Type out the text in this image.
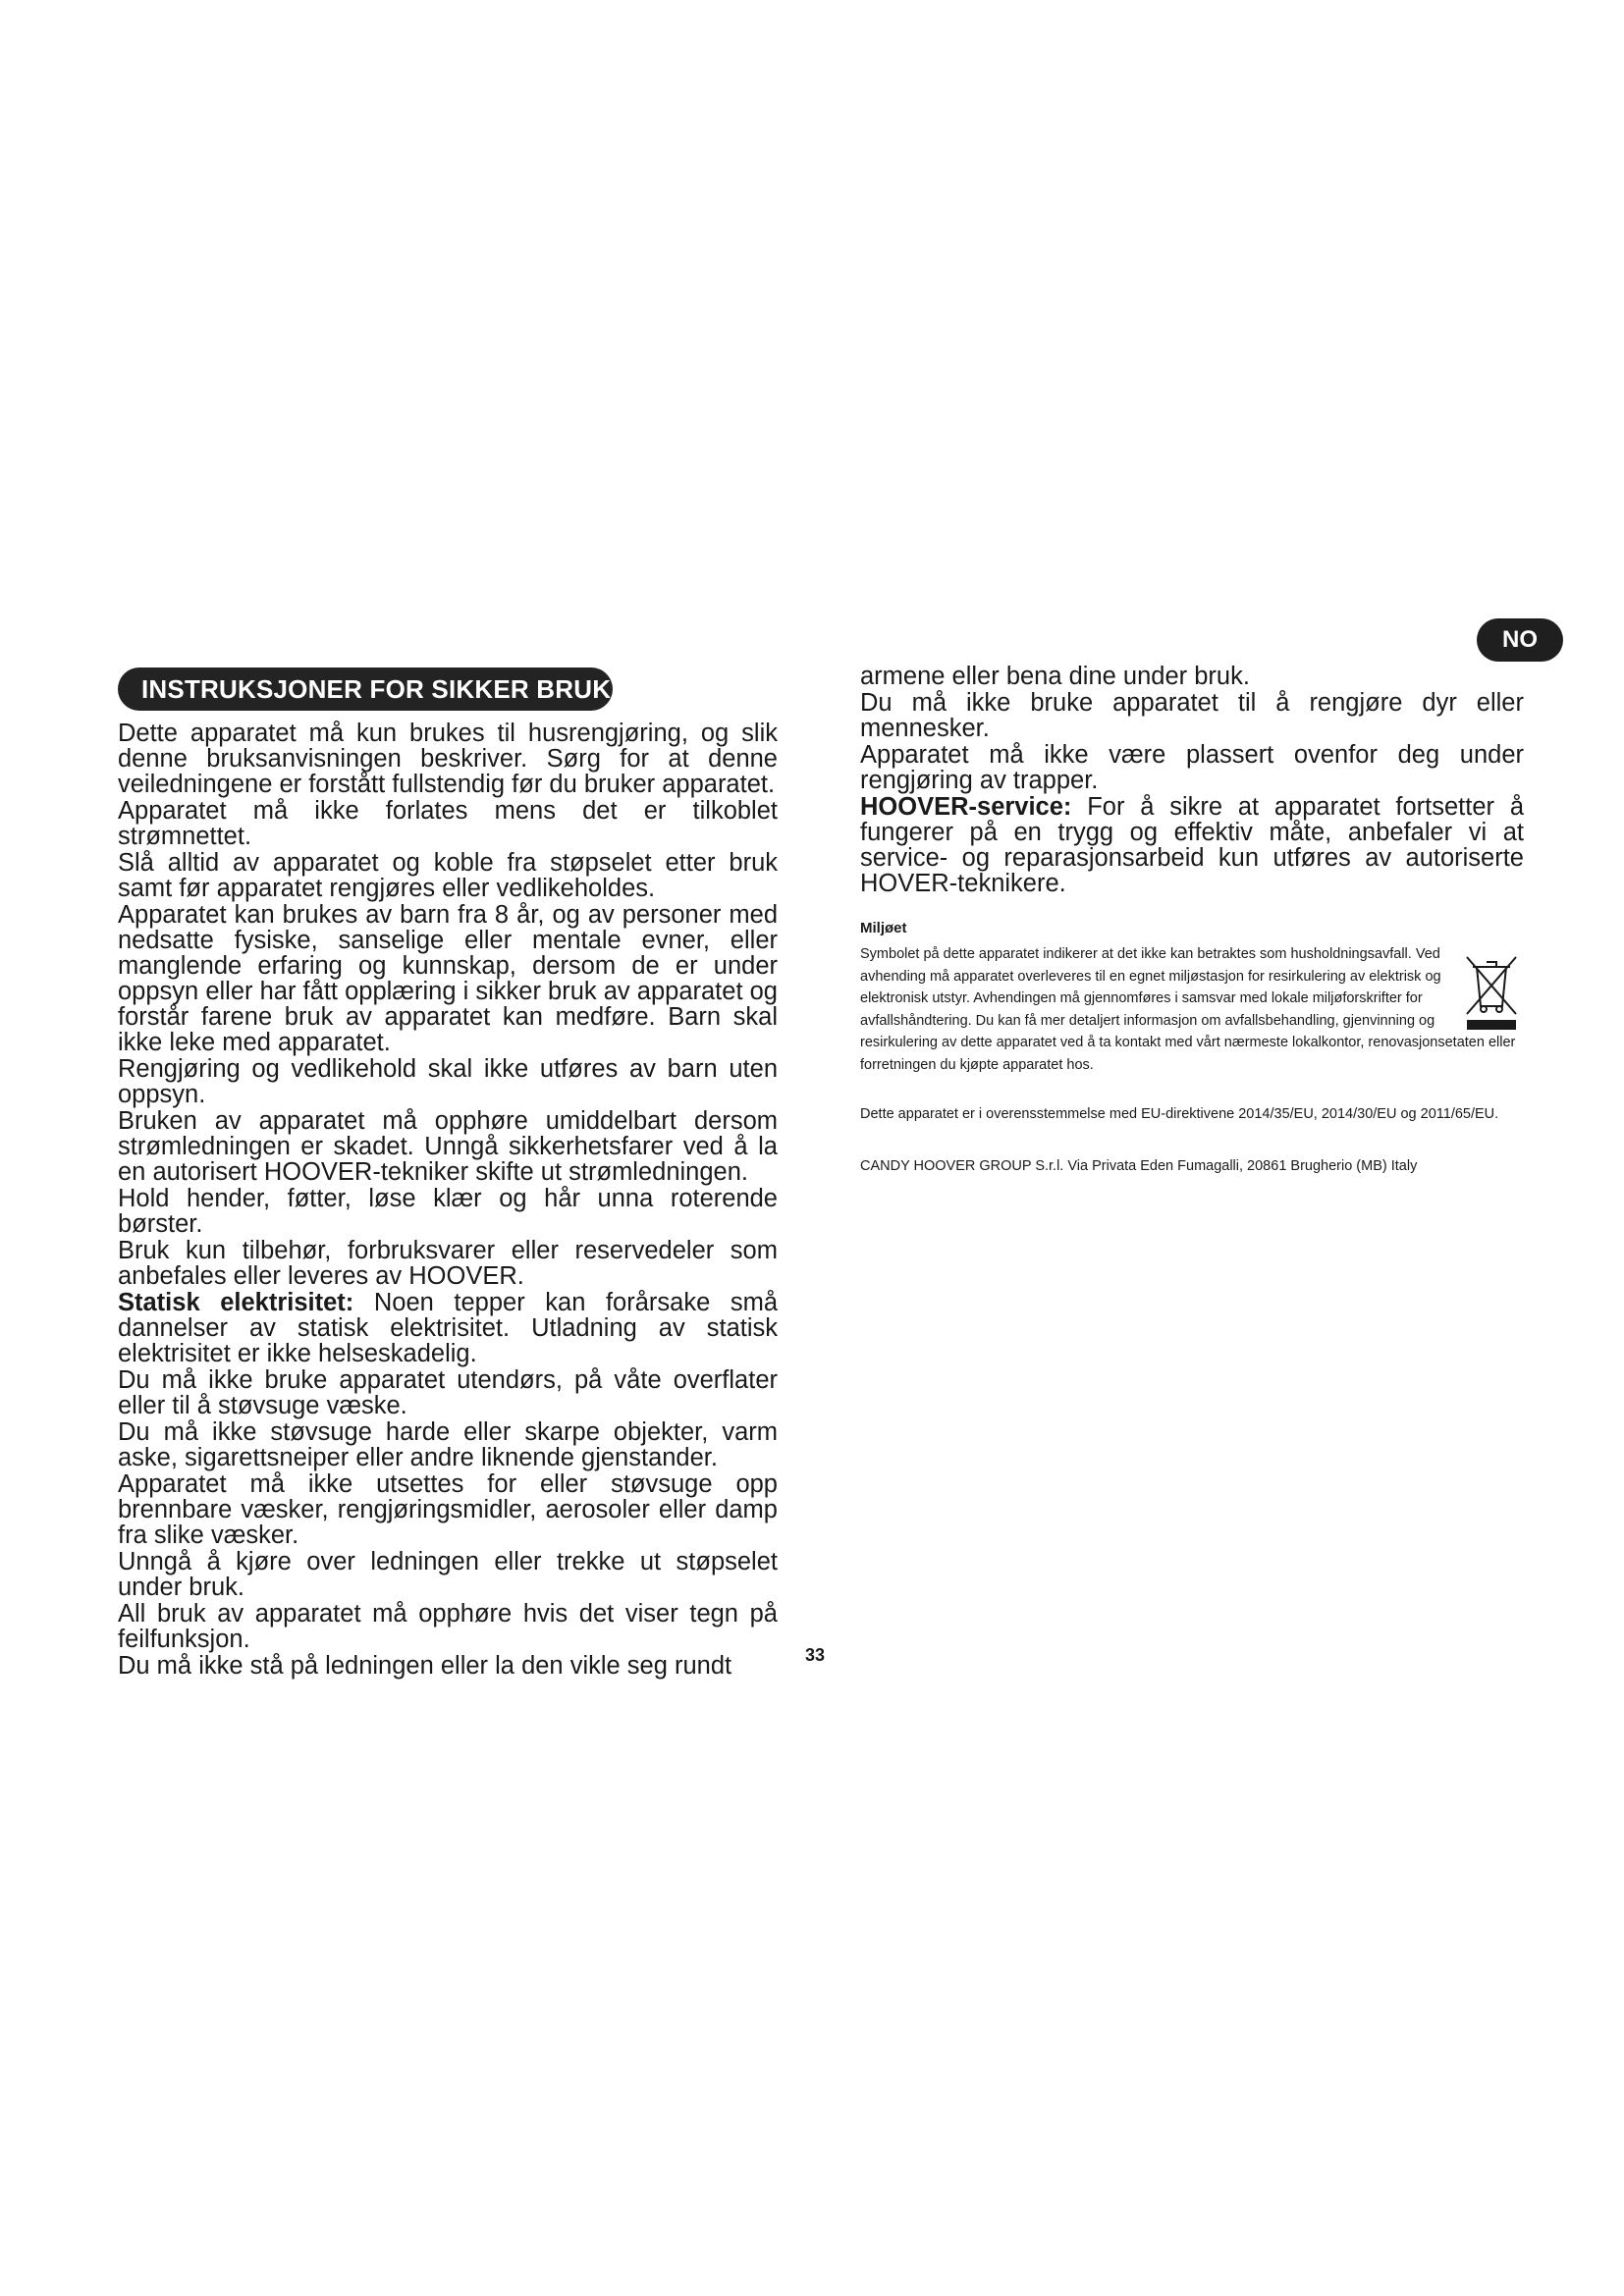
NO
INSTRUKSJONER FOR SIKKER BRUK

Dette apparatet må kun brukes til husrengjøring, og slik denne bruksanvisningen beskriver. Sørg for at denne veiledningene er forstått fullstendig før du bruker apparatet.

Apparatet må ikke forlates mens det er tilkoblet strømnettet.

Slå alltid av apparatet og koble fra støpselet etter bruk samt før apparatet rengjøres eller vedlikeholdes.

Apparatet kan brukes av barn fra 8 år, og av personer med nedsatte fysiske, sanselige eller mentale evner, eller manglende erfaring og kunnskap, dersom de er under oppsyn eller har fått opplæring i sikker bruk av apparatet og forstår farene bruk av apparatet kan medføre. Barn skal ikke leke med apparatet.

Rengjøring og vedlikehold skal ikke utføres av barn uten oppsyn.

Bruken av apparatet må opphøre umiddelbart dersom strømledningen er skadet. Unngå sikkerhetsfarer ved å la en autorisert HOOVER-tekniker skifte ut strømledningen.

Hold hender, føtter, løse klær og hår unna roterende børster.

Bruk kun tilbehør, forbruksvarer eller reservedeler som anbefales eller leveres av HOOVER.

Statisk elektrisitet: Noen tepper kan forårsake små dannelser av statisk elektrisitet. Utladning av statisk elektrisitet er ikke helseskadelig.

Du må ikke bruke apparatet utendørs, på våte overflater eller til å støvsuge væske.

Du må ikke støvsuge harde eller skarpe objekter, varm aske, sigarettsneiper eller andre liknende gjenstander.

Apparatet må ikke utsettes for eller støvsuge opp brennbare væsker, rengjøringsmidler, aerosoler eller damp fra slike væsker.

Unngå å kjøre over ledningen eller trekke ut støpselet under bruk.

All bruk av apparatet må opphøre hvis det viser tegn på feilfunksjon.

Du må ikke stå på ledningen eller la den vikle seg rundt

armene eller bena dine under bruk.

Du må ikke bruke apparatet til å rengjøre dyr eller mennesker.

Apparatet må ikke være plassert ovenfor deg under rengjøring av trapper.

HOOVER-service: For å sikre at apparatet fortsetter å fungerer på en trygg og effektiv måte, anbefaler vi at service- og reparasjonsarbeid kun utføres av autoriserte HOVER-teknikere.

Miljøet
Symbolet på dette apparatet indikerer at det ikke kan betraktes som husholdningsavfall. Ved avhending må apparatet overleveres til en egnet miljøstasjon for resirkulering av elektrisk og elektronisk utstyr. Avhendingen må gjennomføres i samsvar med lokale miljøforskrifter for avfallshåndtering. Du kan få mer detaljert informasjon om avfallsbehandling, gjenvinning og resirkulering av dette apparatet ved å ta kontakt med vårt nærmeste lokalkontor, renovasjonsetaten eller forretningen du kjøpte apparatet hos.

Dette apparatet er i overensstemmelse med EU-direktivene 2014/35/EU, 2014/30/EU og 2011/65/EU.

CANDY HOOVER GROUP S.r.l. Via Privata Eden Fumagalli, 20861 Brugherio (MB) Italy

33
